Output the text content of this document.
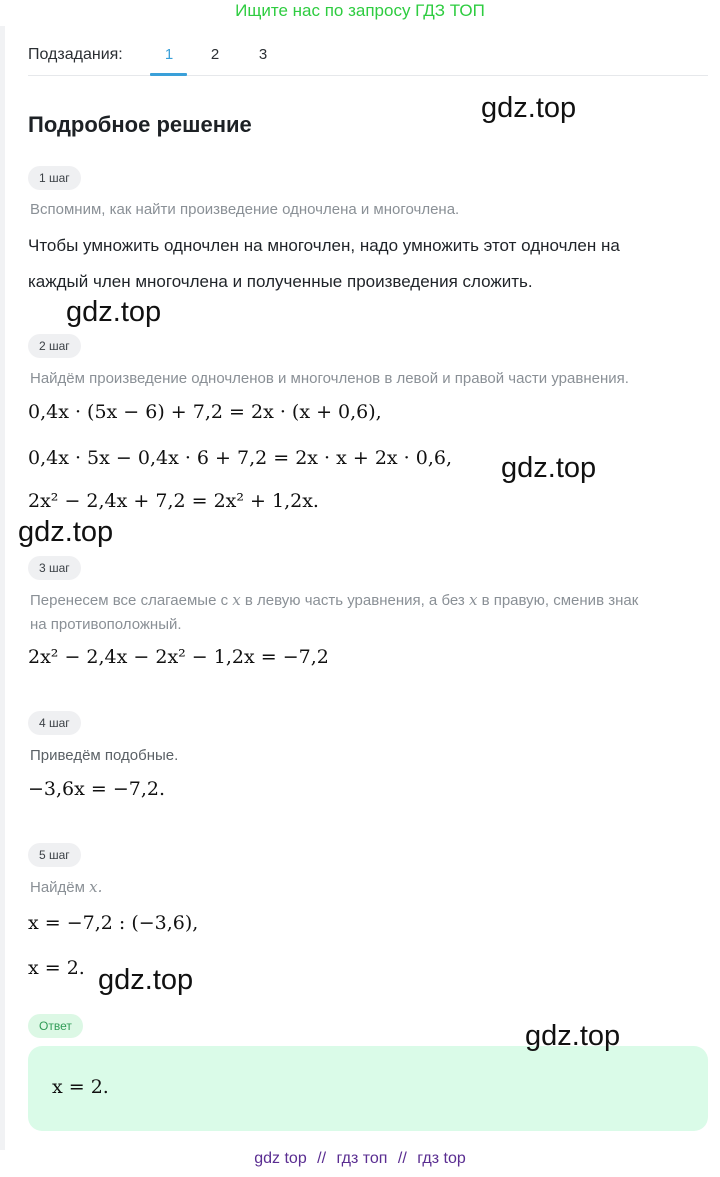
Ищите нас по запросу ГДЗ ТОП
Подзадания:	1	2	3
Подробное решение
1 шаг
Вспомним, как найти произведение одночлена и многочлена.
Чтобы умножить одночлен на многочлен, надо умножить этот одночлен на
каждый член многочлена и полученные произведения сложить.
2 шаг
Найдём произведение одночленов и многочленов в левой и правой части уравнения.
0,4x · (5x − 6) + 7,2 = 2x · (x + 0,6),
0,4x · 5x − 0,4x · 6 + 7,2 = 2x · x + 2x · 0,6,
2x² − 2,4x + 7,2 = 2x² + 1,2x.
3 шаг
Перенесем все слагаемые с x в левую часть уравнения, а без x в правую, сменив знак
на противоположный.
2x² − 2,4x − 2x² − 1,2x = −7,2
4 шаг
Приведём подобные.
−3,6x = −7,2.
5 шаг
Найдём x.
x = −7,2 : (−3,6),
x = 2.
Ответ
x = 2.
gdz.top
gdz.top
gdz.top
gdz.top
gdz.top
gdz.top
gdz top // гдз топ // гдз top
